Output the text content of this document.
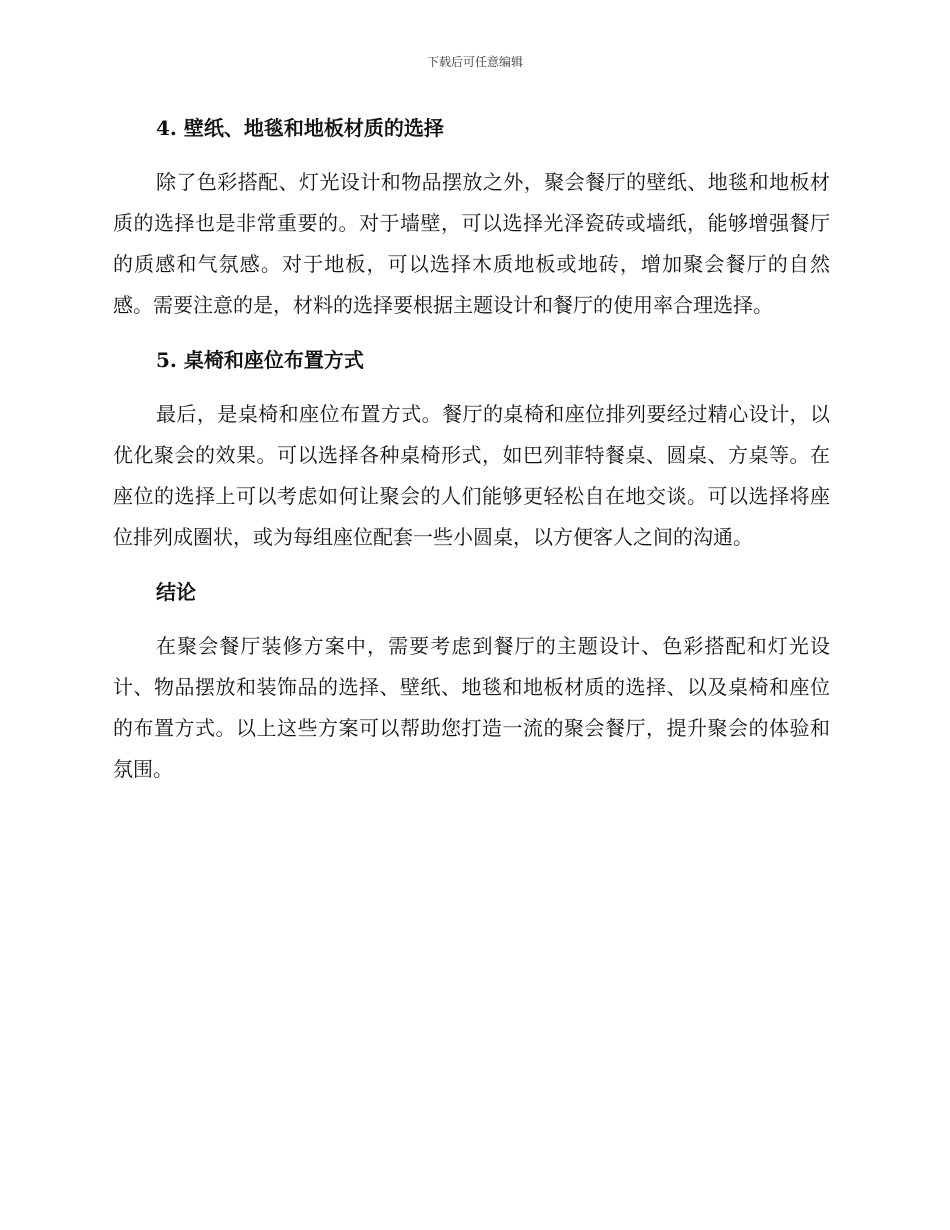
下载后可任意编辑
4. 壁纸、地毯和地板材质的选择

除了色彩搭配、灯光设计和物品摆放之外，聚会餐厅的壁纸、地毯和地板材质的选择也是非常重要的。对于墙壁，可以选择光泽瓷砖或墙纸，能够增强餐厅的质感和气氛感。对于地板，可以选择木质地板或地砖，增加聚会餐厅的自然感。需要注意的是，材料的选择要根据主题设计和餐厅的使用率合理选择。

5. 桌椅和座位布置方式

最后，是桌椅和座位布置方式。餐厅的桌椅和座位排列要经过精心设计，以优化聚会的效果。可以选择各种桌椅形式，如巴列菲特餐桌、圆桌、方桌等。在座位的选择上可以考虑如何让聚会的人们能够更轻松自在地交谈。可以选择将座位排列成圈状，或为每组座位配套一些小圆桌，以方便客人之间的沟通。

结论

在聚会餐厅装修方案中，需要考虑到餐厅的主题设计、色彩搭配和灯光设计、物品摆放和装饰品的选择、壁纸、地毯和地板材质的选择、以及桌椅和座位的布置方式。以上这些方案可以帮助您打造一流的聚会餐厅，提升聚会的体验和氛围。
